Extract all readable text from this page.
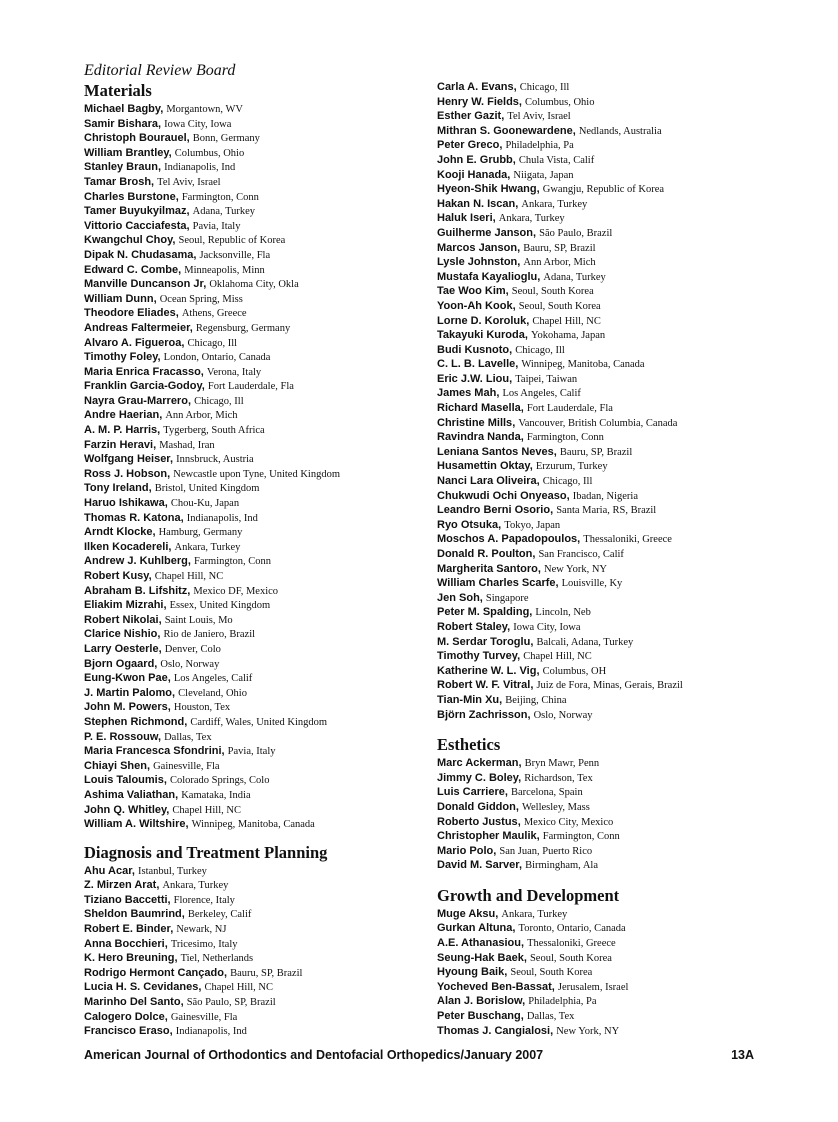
Editorial Review Board
Materials
Michael Bagby, Morgantown, WV
Samir Bishara, Iowa City, Iowa
Christoph Bourauel, Bonn, Germany
William Brantley, Columbus, Ohio
Stanley Braun, Indianapolis, Ind
Tamar Brosh, Tel Aviv, Israel
Charles Burstone, Farmington, Conn
Tamer Buyukyilmaz, Adana, Turkey
Vittorio Cacciafesta, Pavia, Italy
Kwangchul Choy, Seoul, Republic of Korea
Dipak N. Chudasama, Jacksonville, Fla
Edward C. Combe, Minneapolis, Minn
Manville Duncanson Jr, Oklahoma City, Okla
William Dunn, Ocean Spring, Miss
Theodore Eliades, Athens, Greece
Andreas Faltermeier, Regensburg, Germany
Alvaro A. Figueroa, Chicago, Ill
Timothy Foley, London, Ontario, Canada
Maria Enrica Fracasso, Verona, Italy
Franklin Garcia-Godoy, Fort Lauderdale, Fla
Nayra Grau-Marrero, Chicago, Ill
Andre Haerian, Ann Arbor, Mich
A. M. P. Harris, Tygerberg, South Africa
Farzin Heravi, Mashad, Iran
Wolfgang Heiser, Innsbruck, Austria
Ross J. Hobson, Newcastle upon Tyne, United Kingdom
Tony Ireland, Bristol, United Kingdom
Haruo Ishikawa, Chou-Ku, Japan
Thomas R. Katona, Indianapolis, Ind
Arndt Klocke, Hamburg, Germany
Ilken Kocadereli, Ankara, Turkey
Andrew J. Kuhlberg, Farmington, Conn
Robert Kusy, Chapel Hill, NC
Abraham B. Lifshitz, Mexico DF, Mexico
Eliakim Mizrahi, Essex, United Kingdom
Robert Nikolai, Saint Louis, Mo
Clarice Nishio, Rio de Janiero, Brazil
Larry Oesterle, Denver, Colo
Bjorn Ogaard, Oslo, Norway
Eung-Kwon Pae, Los Angeles, Calif
J. Martin Palomo, Cleveland, Ohio
John M. Powers, Houston, Tex
Stephen Richmond, Cardiff, Wales, United Kingdom
P. E. Rossouw, Dallas, Tex
Maria Francesca Sfondrini, Pavia, Italy
Chiayi Shen, Gainesville, Fla
Louis Taloumis, Colorado Springs, Colo
Ashima Valiathan, Kamataka, India
John Q. Whitley, Chapel Hill, NC
William A. Wiltshire, Winnipeg, Manitoba, Canada
Diagnosis and Treatment Planning
Ahu Acar, Istanbul, Turkey
Z. Mirzen Arat, Ankara, Turkey
Tiziano Baccetti, Florence, Italy
Sheldon Baumrind, Berkeley, Calif
Robert E. Binder, Newark, NJ
Anna Bocchieri, Tricesimo, Italy
K. Hero Breuning, Tiel, Netherlands
Rodrigo Hermont Cançado, Bauru, SP, Brazil
Lucia H. S. Cevidanes, Chapel Hill, NC
Marinho Del Santo, São Paulo, SP, Brazil
Calogero Dolce, Gainesville, Fla
Francisco Eraso, Indianapolis, Ind
Carla A. Evans, Chicago, Ill
Henry W. Fields, Columbus, Ohio
Esther Gazit, Tel Aviv, Israel
Mithran S. Goonewardene, Nedlands, Australia
Peter Greco, Philadelphia, Pa
John E. Grubb, Chula Vista, Calif
Kooji Hanada, Niigata, Japan
Hyeon-Shik Hwang, Gwangju, Republic of Korea
Hakan N. Iscan, Ankara, Turkey
Haluk Iseri, Ankara, Turkey
Guilherme Janson, São Paulo, Brazil
Marcos Janson, Bauru, SP, Brazil
Lysle Johnston, Ann Arbor, Mich
Mustafa Kayalioglu, Adana, Turkey
Tae Woo Kim, Seoul, South Korea
Yoon-Ah Kook, Seoul, South Korea
Lorne D. Koroluk, Chapel Hill, NC
Takayuki Kuroda, Yokohama, Japan
Budi Kusnoto, Chicago, Ill
C. L. B. Lavelle, Winnipeg, Manitoba, Canada
Eric J.W. Liou, Taipei, Taiwan
James Mah, Los Angeles, Calif
Richard Masella, Fort Lauderdale, Fla
Christine Mills, Vancouver, British Columbia, Canada
Ravindra Nanda, Farmington, Conn
Leniana Santos Neves, Bauru, SP, Brazil
Husamettin Oktay, Erzurum, Turkey
Nanci Lara Oliveira, Chicago, Ill
Chukwudi Ochi Onyeaso, Ibadan, Nigeria
Leandro Berni Osorio, Santa Maria, RS, Brazil
Ryo Otsuka, Tokyo, Japan
Moschos A. Papadopoulos, Thessaloniki, Greece
Donald R. Poulton, San Francisco, Calif
Margherita Santoro, New York, NY
William Charles Scarfe, Louisville, Ky
Jen Soh, Singapore
Peter M. Spalding, Lincoln, Neb
Robert Staley, Iowa City, Iowa
M. Serdar Toroglu, Balcali, Adana, Turkey
Timothy Turvey, Chapel Hill, NC
Katherine W. L. Vig, Columbus, OH
Robert W. F. Vitral, Juiz de Fora, Minas, Gerais, Brazil
Tian-Min Xu, Beijing, China
Björn Zachrisson, Oslo, Norway
Esthetics
Marc Ackerman, Bryn Mawr, Penn
Jimmy C. Boley, Richardson, Tex
Luis Carriere, Barcelona, Spain
Donald Giddon, Wellesley, Mass
Roberto Justus, Mexico City, Mexico
Christopher Maulik, Farmington, Conn
Mario Polo, San Juan, Puerto Rico
David M. Sarver, Birmingham, Ala
Growth and Development
Muge Aksu, Ankara, Turkey
Gurkan Altuna, Toronto, Ontario, Canada
A.E. Athanasiou, Thessaloniki, Greece
Seung-Hak Baek, Seoul, South Korea
Hyoung Baik, Seoul, South Korea
Yocheved Ben-Bassat, Jerusalem, Israel
Alan J. Borislow, Philadelphia, Pa
Peter Buschang, Dallas, Tex
Thomas J. Cangialosi, New York, NY
American Journal of Orthodontics and Dentofacial Orthopedics/January 2007	13A
